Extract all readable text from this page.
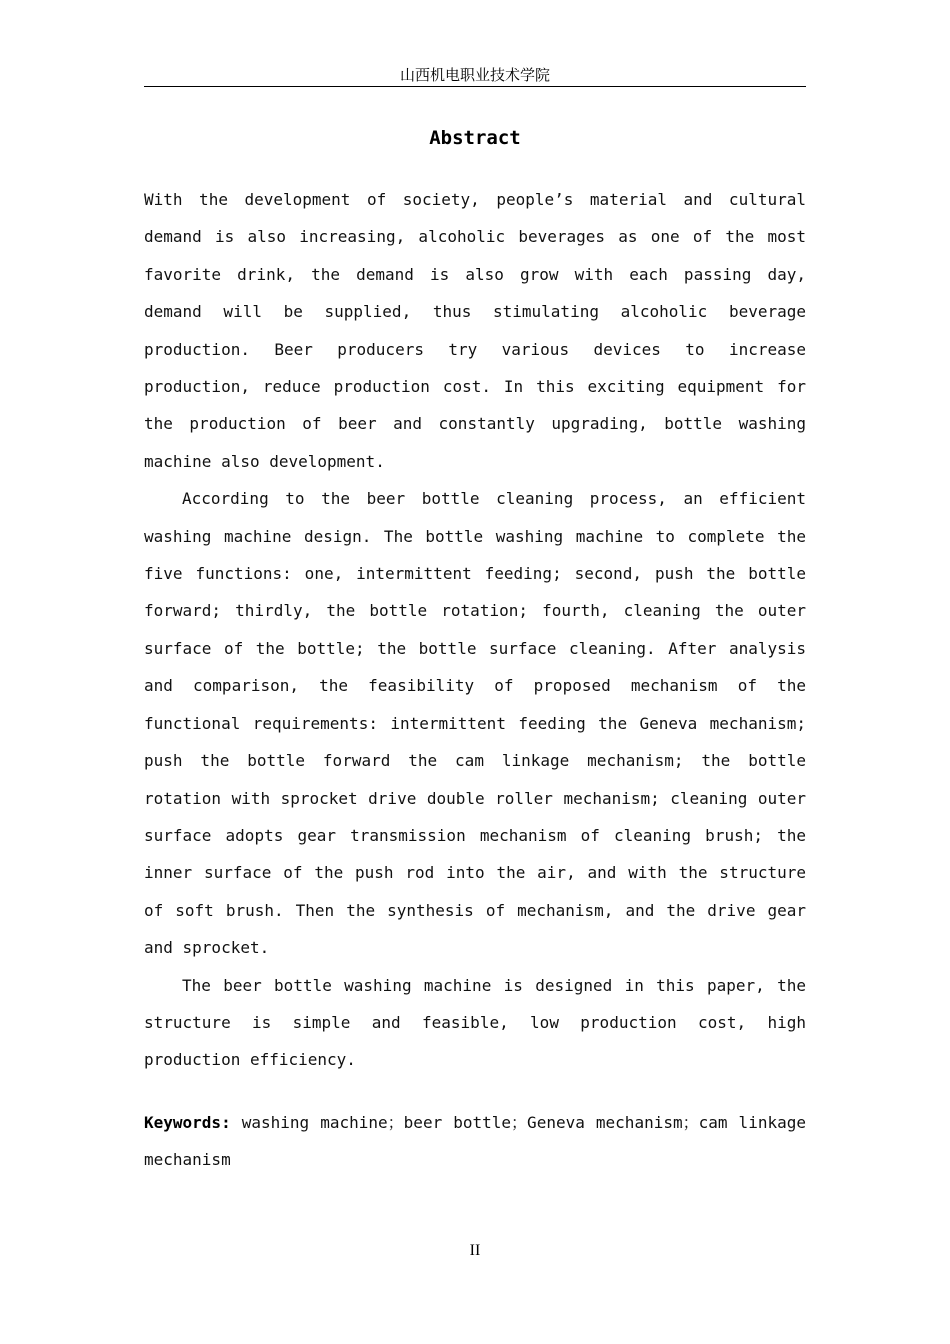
山西机电职业技术学院
Abstract

With the development of society, people’s material and cultural demand is also increasing, alcoholic beverages as one of the most favorite drink, the demand is also grow with each passing day, demand will be supplied, thus stimulating alcoholic beverage production. Beer producers try various devices to increase production, reduce production cost. In this exciting equipment for the production of beer and constantly upgrading, bottle washing machine also development.

According to the beer bottle cleaning process, an efficient washing machine design. The bottle washing machine to complete the five functions: one, intermittent feeding; second, push the bottle forward; thirdly, the bottle rotation; fourth, cleaning the outer surface of the bottle; the bottle surface cleaning. After analysis and comparison, the feasibility of proposed mechanism of the functional requirements: intermittent feeding the Geneva mechanism; push the bottle forward the cam linkage mechanism; the bottle rotation with sprocket drive double roller mechanism; cleaning outer surface adopts gear transmission mechanism of cleaning brush; the inner surface of the push rod into the air, and with the structure of soft brush. Then the synthesis of mechanism, and the drive gear and sprocket.

The beer bottle washing machine is designed in this paper, the structure is simple and feasible, low production cost, high production efficiency.

Keywords: washing machine；beer bottle；Geneva mechanism；cam linkage mechanism
II
